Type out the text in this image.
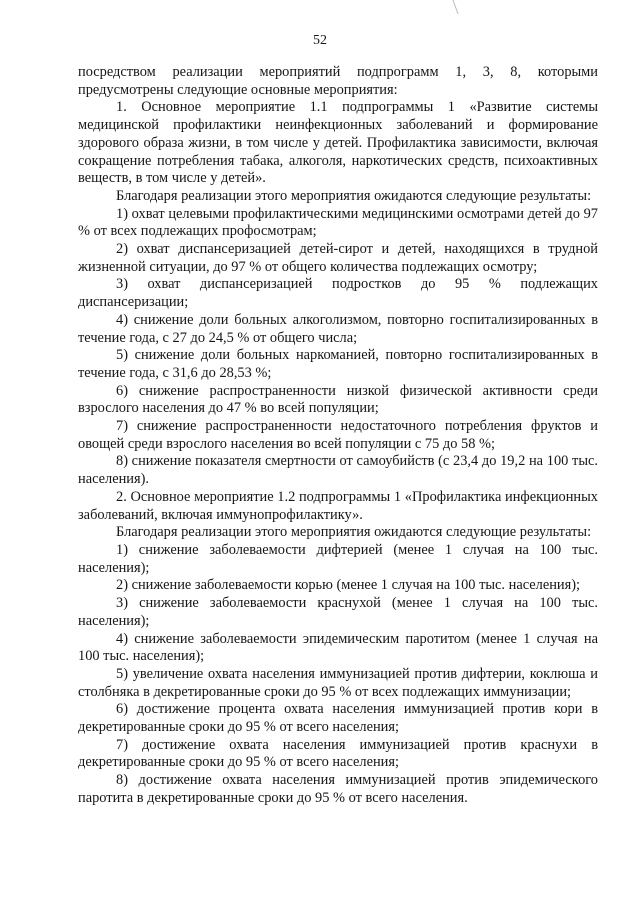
52

посредством реализации мероприятий подпрограмм 1, 3, 8, которыми предусмотрены следующие основные мероприятия:

1. Основное мероприятие 1.1 подпрограммы 1 «Развитие системы медицинской профилактики неинфекционных заболеваний и формирование здорового образа жизни, в том числе у детей. Профилактика зависимости, включая сокращение потребления табака, алкоголя, наркотических средств, психоактивных веществ, в том числе у детей».

Благодаря реализации этого мероприятия ожидаются следующие результаты:

1) охват целевыми профилактическими медицинскими осмотрами детей до 97 % от всех подлежащих профосмотрам;

2) охват диспансеризацией детей-сирот и детей, находящихся в трудной жизненной ситуации, до 97 % от общего количества подлежащих осмотру;

3) охват диспансеризацией подростков до 95 % подлежащих диспансеризации;

4) снижение доли больных алкоголизмом, повторно госпитализированных в течение года, с 27 до 24,5 % от общего числа;

5) снижение доли больных наркоманией, повторно госпитализированных в течение года, с 31,6 до 28,53 %;

6) снижение распространенности низкой физической активности среди взрослого населения до 47 % во всей популяции;

7) снижение распространенности недостаточного потребления фруктов и овощей среди взрослого населения во всей популяции с 75 до 58 %;

8) снижение показателя смертности от самоубийств (с 23,4 до 19,2 на 100 тыс. населения).

2. Основное мероприятие 1.2 подпрограммы 1 «Профилактика инфекционных заболеваний, включая иммунопрофилактику».

Благодаря реализации этого мероприятия ожидаются следующие результаты:

1) снижение заболеваемости дифтерией (менее 1 случая на 100 тыс. населения);

2) снижение заболеваемости корью (менее 1 случая на 100 тыс. населения);

3) снижение заболеваемости краснухой (менее 1 случая на 100 тыс. населения);

4) снижение заболеваемости эпидемическим паротитом (менее 1 случая на 100 тыс. населения);

5) увеличение охвата населения иммунизацией против дифтерии, коклюша и столбняка в декретированные сроки до 95 % от всех подлежащих иммунизации;

6) достижение процента охвата населения иммунизацией против кори в декретированные сроки до 95 % от всего населения;

7) достижение охвата населения иммунизацией против краснухи в декретированные сроки до 95 % от всего населения;

8) достижение охвата населения иммунизацией против эпидемического паротита в декретированные сроки до 95 % от всего населения.
